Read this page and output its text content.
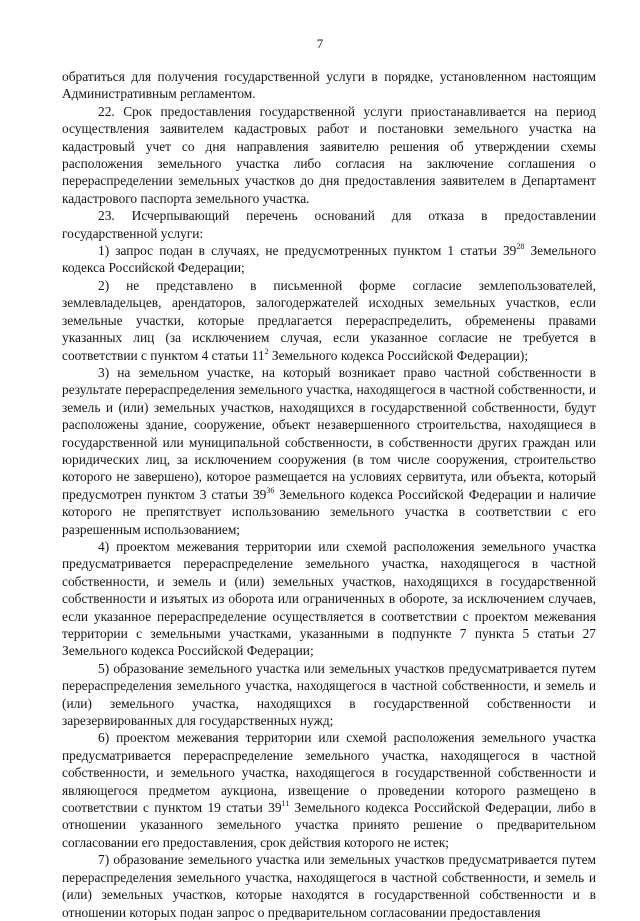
7

обратиться для получения государственной услуги в порядке, установленном настоящим Административным регламентом.

22. Срок предоставления государственной услуги приостанавливается на период осуществления заявителем кадастровых работ и постановки земельного участка на кадастровый учет со дня направления заявителю решения об утверждении схемы расположения земельного участка либо согласия на заключение соглашения о перераспределении земельных участков до дня предоставления заявителем в Департамент кадастрового паспорта земельного участка.

23. Исчерпывающий перечень оснований для отказа в предоставлении государственной услуги:

1) запрос подан в случаях, не предусмотренных пунктом 1 статьи $39^{28}$ Земельного кодекса Российской Федерации;

2) не представлено в письменной форме согласие землепользователей, землевладельцев, арендаторов, залогодержателей исходных земельных участков, если земельные участки, которые предлагается перераспределить, обременены правами указанных лиц (за исключением случая, если указанное согласие не требуется в соответствии с пунктом 4 статьи $11^2$ Земельного кодекса Российской Федерации);

3) на земельном участке, на который возникает право частной собственности в результате перераспределения земельного участка, находящегося в частной собственности, и земель и (или) земельных участков, находящихся в государственной собственности, будут расположены здание, сооружение, объект незавершенного строительства, находящиеся в государственной или муниципальной собственности, в собственности других граждан или юридических лиц, за исключением сооружения (в том числе сооружения, строительство которого не завершено), которое размещается на условиях сервитута, или объекта, который предусмотрен пунктом 3 статьи $39^{36}$ Земельного кодекса Российской Федерации и наличие которого не препятствует использованию земельного участка в соответствии с его разрешенным использованием;

4) проектом межевания территории или схемой расположения земельного участка предусматривается перераспределение земельного участка, находящегося в частной собственности, и земель и (или) земельных участков, находящихся в государственной собственности и изъятых из оборота или ограниченных в обороте, за исключением случаев, если указанное перераспределение осуществляется в соответствии с проектом межевания территории с земельными участками, указанными в подпункте 7 пункта 5 статьи 27 Земельного кодекса Российской Федерации;

5) образование земельного участка или земельных участков предусматривается путем перераспределения земельного участка, находящегося в частной собственности, и земель и (или) земельного участка, находящихся в государственной собственности и зарезервированных для государственных нужд;

6) проектом межевания территории или схемой расположения земельного участка предусматривается перераспределение земельного участка, находящегося в частной собственности, и земельного участка, находящегося в государственной собственности и являющегося предметом аукциона, извещение о проведении которого размещено в соответствии с пунктом 19 статьи $39^{11}$ Земельного кодекса Российской Федерации, либо в отношении указанного земельного участка принято решение о предварительном согласовании его предоставления, срок действия которого не истек;

7) образование земельного участка или земельных участков предусматривается путем перераспределения земельного участка, находящегося в частной собственности, и земель и (или) земельных участков, которые находятся в государственной собственности и в отношении которых подан запрос о предварительном согласовании предоставления
